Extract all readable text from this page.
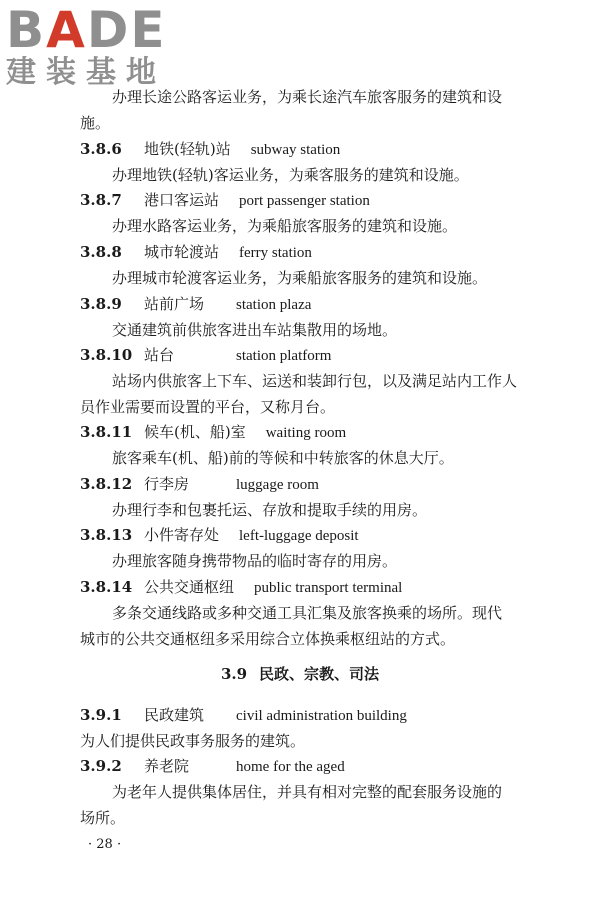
BADE
建装基地
办理长途公路客运业务，为乘长途汽车旅客服务的建筑和设
施。
3.8.6 地铁(轻轨)站 subway station
办理地铁(轻轨)客运业务，为乘客服务的建筑和设施。
3.8.7 港口客运站 port passenger station
办理水路客运业务，为乘船旅客服务的建筑和设施。
3.8.8 城市轮渡站 ferry station
办理城市轮渡客运业务，为乘船旅客服务的建筑和设施。
3.8.9 站前广场 station plaza
交通建筑前供旅客进出车站集散用的场地。
3.8.10 站台	station platform
站场内供旅客上下车、运送和装卸行包，以及满足站内工作人
员作业需要而设置的平台，又称月台。
3.8.11 候车(机、船)室 waiting room
旅客乘车(机、船)前的等候和中转旅客的休息大厅。
3.8.12 行李房	luggage room
办理行李和包裹托运、存放和提取手续的用房。
3.8.13 小件寄存处 left-luggage deposit
办理旅客随身携带物品的临时寄存的用房。
3.8.14 公共交通枢纽 public transport terminal
多条交通线路或多种交通工具汇集及旅客换乘的场所。现代
城市的公共交通枢纽多采用综合立体换乘枢纽站的方式。
3.9 民政、宗教、司法
3.9.1 民政建筑 civil administration building
为人们提供民政事务服务的建筑。
3.9.2 养老院	home for the aged
为老年人提供集体居住，并具有相对完整的配套服务设施的
场所。
· 28 ·
